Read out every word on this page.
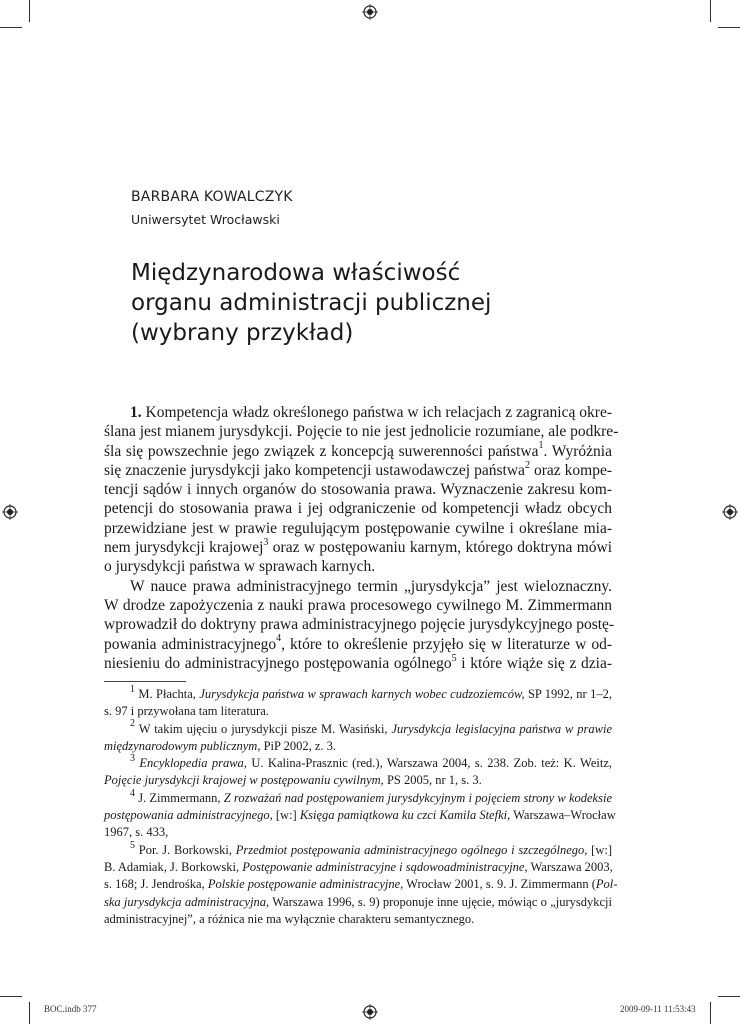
BARBARA KOWALCZYK
Uniwersytet Wrocławski
Międzynarodowa właściwość
organu administracji publicznej
(wybrany przykład)
1. Kompetencja władz określonego państwa w ich relacjach z zagranicą okre-
ślana jest mianem jurysdykcji. Pojęcie to nie jest jednolicie rozumiane, ale podkre-
śla się powszechnie jego związek z koncepcją suwerenności państwa$^1$. Wyróżnia
się znaczenie jurysdykcji jako kompetencji ustawodawczej państwa$^2$ oraz kompe-
tencji sądów i innych organów do stosowania prawa. Wyznaczenie zakresu kom-
petencji do stosowania prawa i jej odgraniczenie od kompetencji władz obcych
przewidziane jest w prawie regulującym postępowanie cywilne i określane mia-
nem jurysdykcji krajowej$^3$ oraz w postępowaniu karnym, którego doktryna mówi
o jurysdykcji państwa w sprawach karnych.
W nauce prawa administracyjnego termin „jurysdykcja” jest wieloznaczny.
W drodze zapożyczenia z nauki prawa procesowego cywilnego M. Zimmermann
wprowadził do doktryny prawa administracyjnego pojęcie jurysdykcyjnego postę-
powania administracyjnego$^4$, które to określenie przyjęło się w literaturze w od-
niesieniu do administracyjnego postępowania ogólnego$^5$ i które wiąże się z dzia-
$^1$ M. Płachta, Jurysdykcja państwa w sprawach karnych wobec cudzoziemców, SP 1992, nr 1–2,
s. 97 i przywołana tam literatura.
$^2$ W takim ujęciu o jurysdykcji pisze M. Wasiński, Jurysdykcja legislacyjna państwa w prawie
międzynarodowym publicznym, PiP 2002, z. 3.
$^3$ Encyklopedia prawa, U. Kalina-Prasznic (red.), Warszawa 2004, s. 238. Zob. też: K. Weitz,
Pojęcie jurysdykcji krajowej w postępowaniu cywilnym, PS 2005, nr 1, s. 3.
$^4$ J. Zimmermann, Z rozważań nad postępowaniem jurysdykcyjnym i pojęciem strony w kodeksie
postępowania administracyjnego, [w:] Księga pamiątkowa ku czci Kamila Stefki, Warszawa–Wrocław
1967, s. 433,
$^5$ Por. J. Borkowski, Przedmiot postępowania administracyjnego ogólnego i szczególnego, [w:]
B. Adamiak, J. Borkowski, Postępowanie administracyjne i sądowoadministracyjne, Warszawa 2003,
s. 168; J. Jendrośka, Polskie postępowanie administracyjne, Wrocław 2001, s. 9. J. Zimmermann (Pol-
ska jurysdykcja administracyjna, Warszawa 1996, s. 9) proponuje inne ujęcie, mówiąc o „jurysdykcji
administracyjnej”, a różnica nie ma wyłącznie charakteru semantycznego.
BOC.indb 377	2009-09-11 11:53:43
